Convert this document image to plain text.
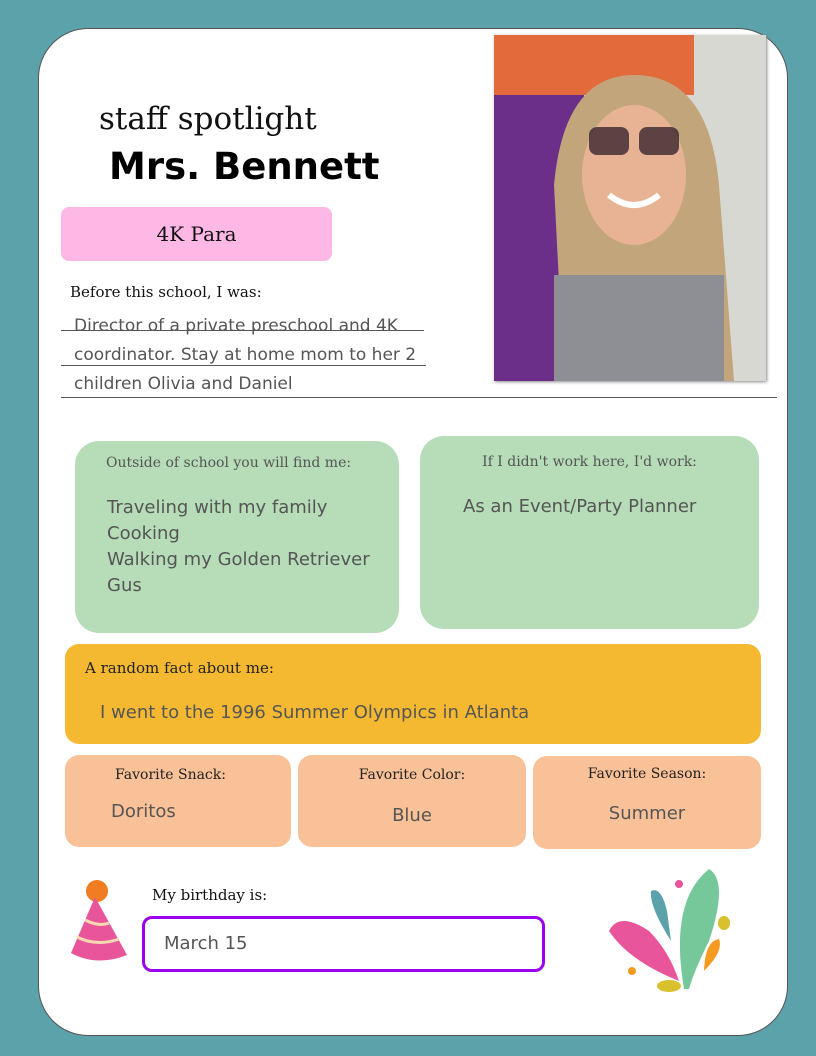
staff spotlight
Mrs. Bennett
4K Para
Before this school, I was:
Director of a private preschool and 4K
coordinator. Stay at home mom to her 2
children Olivia and Daniel
Outside of school you will find me:
Traveling with my family
Cooking
Walking my Golden Retriever
Gus
If I didn't work here, I'd work:
As an Event/Party Planner
A random fact about me:
I went to the 1996 Summer Olympics in Atlanta
Favorite Snack:
Doritos
Favorite Color:
Blue
Favorite Season:
Summer
My birthday is:
March 15
